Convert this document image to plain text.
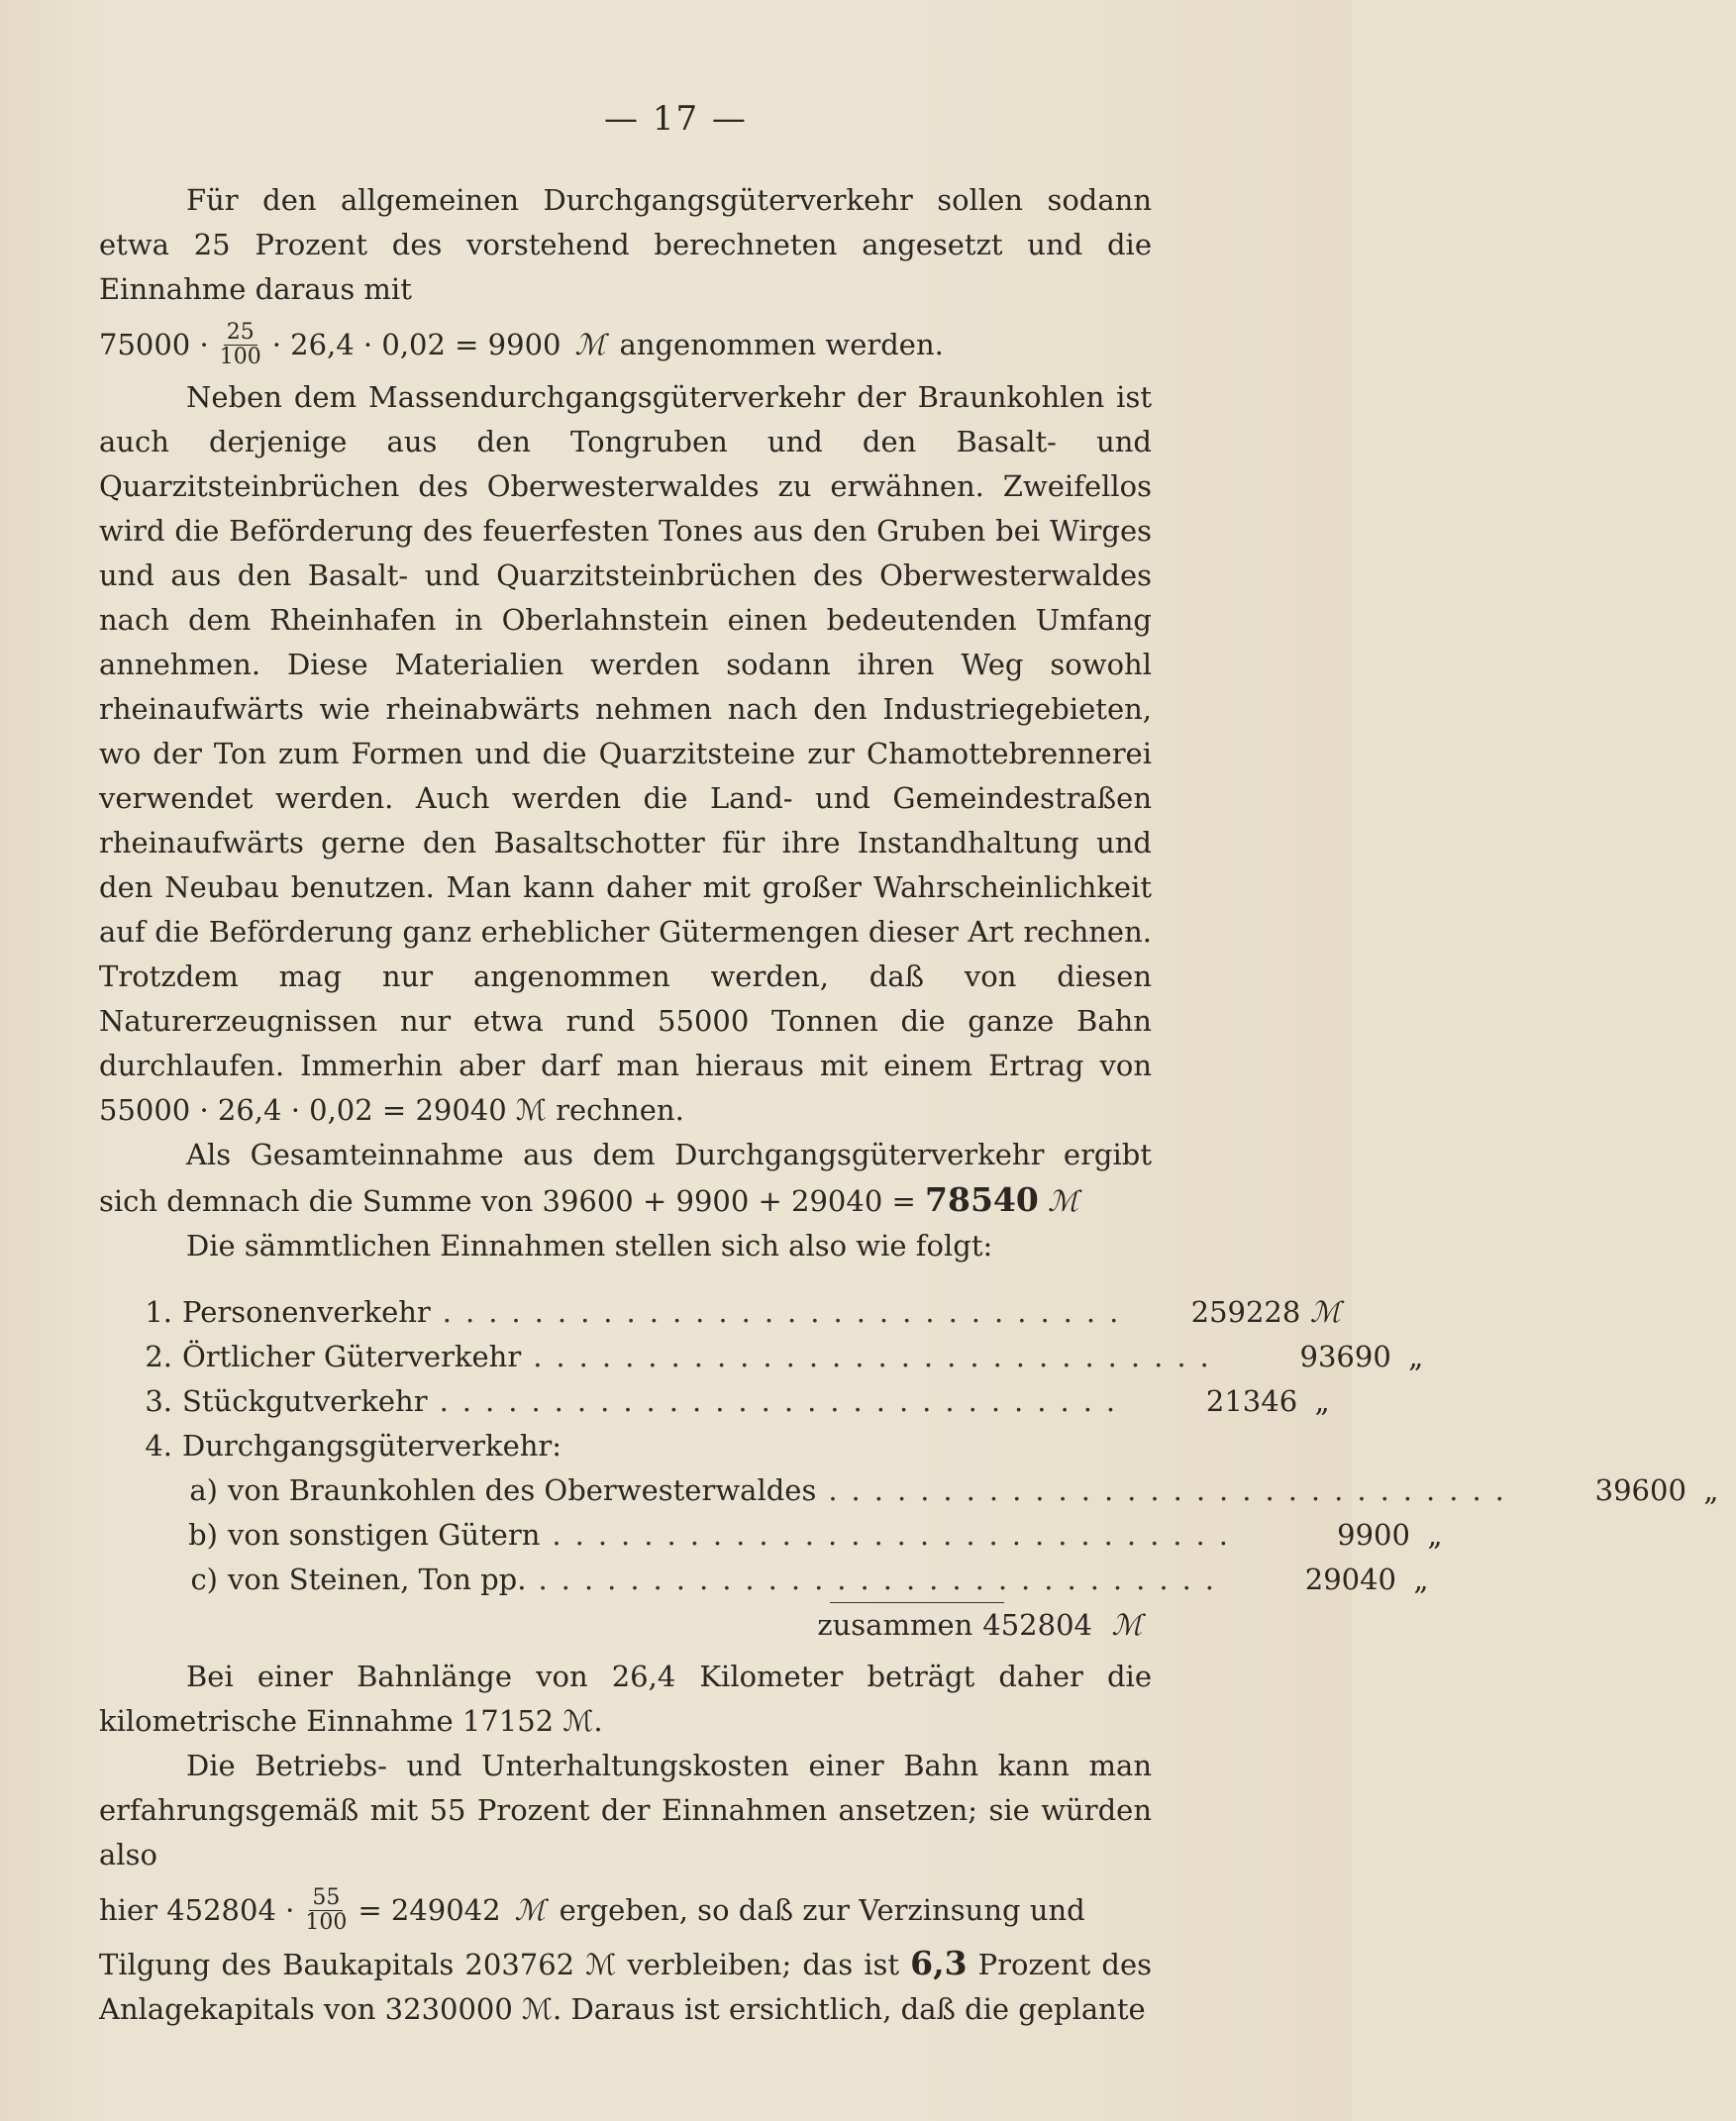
— 17 —

Für den allgemeinen Durchgangsgüterverkehr sollen sodann etwa 25 Prozent des vorstehend berechneten angesetzt und die Einnahme daraus mit

$75000 \cdot \frac{25}{100} \cdot 26,4 \cdot 0,02 = 9900$ ℳ angenommen werden.

Neben dem Massendurchgangsgüterverkehr der Braunkohlen ist auch derjenige aus den Tongruben und den Basalt- und Quarzitsteinbrüchen des Oberwesterwaldes zu erwähnen. Zweifellos wird die Beförderung des feuerfesten Tones aus den Gruben bei Wirges und aus den Basalt- und Quarzitsteinbrüchen des Oberwesterwaldes nach dem Rheinhafen in Oberlahnstein einen bedeutenden Umfang annehmen. Diese Materialien werden sodann ihren Weg sowohl rheinaufwärts wie rheinabwärts nehmen nach den Industriegebieten, wo der Ton zum Formen und die Quarzitsteine zur Chamottebrennerei verwendet werden. Auch werden die Land- und Gemeindestraßen rheinaufwärts gerne den Basaltschotter für ihre Instandhaltung und den Neubau benutzen. Man kann daher mit großer Wahrscheinlichkeit auf die Beförderung ganz erheblicher Gütermengen dieser Art rechnen. Trotzdem mag nur angenommen werden, daß von diesen Naturerzeugnissen nur etwa rund 55000 Tonnen die ganze Bahn durchlaufen. Immerhin aber darf man hieraus mit einem Ertrag von 55000 · 26,4 · 0,02 = 29040 ℳ rechnen.

Als Gesamteinnahme aus dem Durchgangsgüterverkehr ergibt sich demnach die Summe von 39600 + 9900 + 29040 = 78540 ℳ

Die sämmtlichen Einnahmen stellen sich also wie folgt:

1. Personenverkehr ..............................	259228 ℳ
2. Örtlicher Güterverkehr ..............................	93690 „
3. Stückgutverkehr ..............................	21346 „
4. Durchgangsgüterverkehr:
a) von Braunkohlen des Oberwesterwaldes ..............................	39600 „
b) von sonstigen Gütern ..............................	9900 „
c) von Steinen, Ton pp. ..............................	29040 „
zusammen 452804 ℳ

Bei einer Bahnlänge von 26,4 Kilometer beträgt daher die kilometrische Einnahme 17152 ℳ.

Die Betriebs- und Unterhaltungskosten einer Bahn kann man erfahrungsgemäß mit 55 Prozent der Einnahmen ansetzen; sie würden also

hier $452804 \cdot \frac{55}{100} = 249042$ ℳ ergeben, so daß zur Verzinsung und

Tilgung des Baukapitals 203762 ℳ verbleiben; das ist 6,3 Prozent des Anlagekapitals von 3230000 ℳ. Daraus ist ersichtlich, daß die geplante
